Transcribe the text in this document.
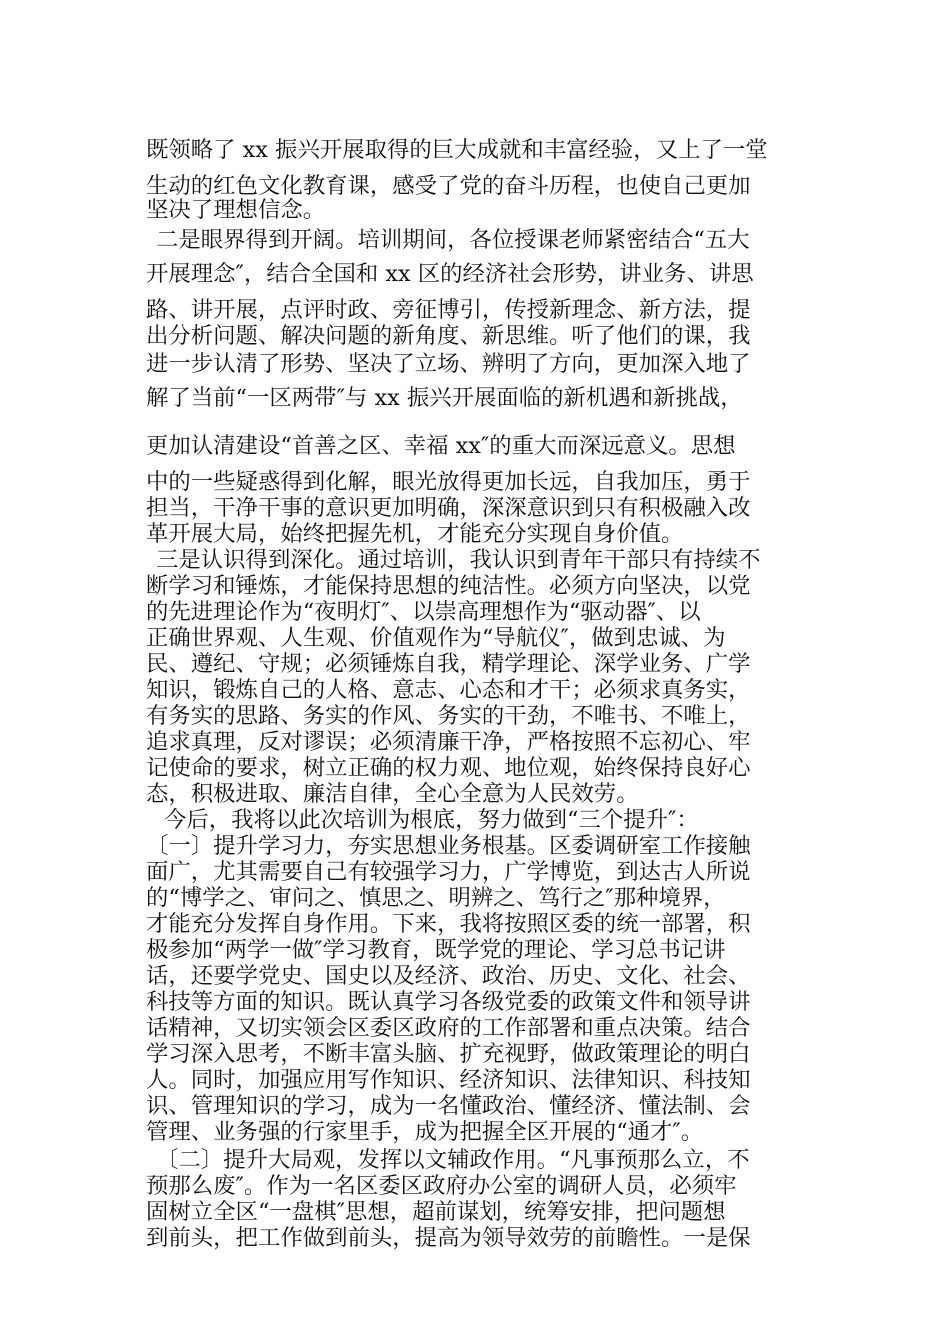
既领略了 xx 振兴开展取得的巨大成就和丰富经验，又上了一堂
生动的红色文化教育课，感受了党的奋斗历程，也使自己更加
坚决了理想信念。
二是眼界得到开阔。培训期间，各位授课老师紧密结合“五大
开展理念″，结合全国和 xx 区的经济社会形势，讲业务、讲思
路、讲开展，点评时政、旁征博引，传授新理念、新方法，提
出分析问题、解决问题的新角度、新思维。听了他们的课，我
进一步认清了形势、坚决了立场、辨明了方向，更加深入地了
解了当前“一区两带″与 xx 振兴开展面临的新机遇和新挑战，
更加认清建设“首善之区、幸福 xx″的重大而深远意义。思想
中的一些疑惑得到化解，眼光放得更加长远，自我加压，勇于
担当，干净干事的意识更加明确，深深意识到只有积极融入改
革开展大局，始终把握先机，才能充分实现自身价值。
三是认识得到深化。通过培训，我认识到青年干部只有持续不
断学习和锤炼，才能保持思想的纯洁性。必须方向坚决，以党
的先进理论作为“夜明灯″、以崇高理想作为“驱动器″、以
正确世界观、人生观、价值观作为“导航仪″，做到忠诚、为
民、遵纪、守规；必须锤炼自我，精学理论、深学业务、广学
知识，锻炼自己的人格、意志、心态和才干；必须求真务实，
有务实的思路、务实的作风、务实的干劲，不唯书、不唯上，
追求真理，反对谬误；必须清廉干净，严格按照不忘初心、牢
记使命的要求，树立正确的权力观、地位观，始终保持良好心
态，积极进取、廉洁自律，全心全意为人民效劳。
今后，我将以此次培训为根底，努力做到“三个提升″：
〔一〕提升学习力，夯实思想业务根基。区委调研室工作接触
面广，尤其需要自己有较强学习力，广学博览，到达古人所说
的“博学之、审问之、慎思之、明辨之、笃行之″那种境界，
才能充分发挥自身作用。下来，我将按照区委的统一部署，积
极参加“两学一做″学习教育，既学党的理论、学习总书记讲
话，还要学党史、国史以及经济、政治、历史、文化、社会、
科技等方面的知识。既认真学习各级党委的政策文件和领导讲
话精神，又切实领会区委区政府的工作部署和重点决策。结合
学习深入思考，不断丰富头脑、扩充视野，做政策理论的明白
人。同时，加强应用写作知识、经济知识、法律知识、科技知
识、管理知识的学习，成为一名懂政治、懂经济、懂法制、会
管理、业务强的行家里手，成为把握全区开展的“通才″。
〔二〕提升大局观，发挥以文辅政作用。“凡事预那么立，不
预那么废″。作为一名区委区政府办公室的调研人员，必须牢
固树立全区“一盘棋″思想，超前谋划，统筹安排，把问题想
到前头，把工作做到前头，提高为领导效劳的前瞻性。一是保
